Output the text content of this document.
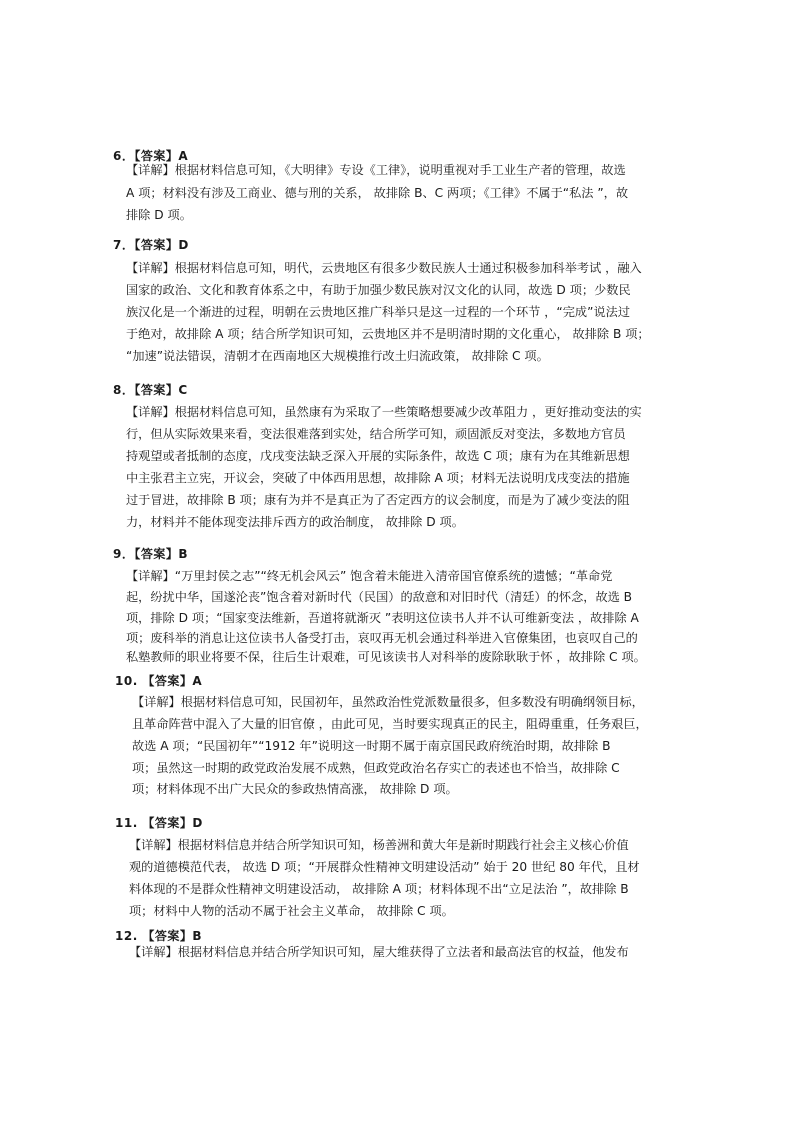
6．【答案】A
【详解】根据材料信息可知，《大明律》专设《工律》，说明重视对手工业生产者的管理，故选
A 项；材料没有涉及工商业、德与刑的关系， 故排除 B、C 两项；《工律》不属于“私法 ”，故
排除 D 项。
7．【答案】D
【详解】根据材料信息可知，明代，云贵地区有很多少数民族人士通过积极参加科举考试 ，融入
国家的政治、文化和教育体系之中，有助于加强少数民族对汉文化的认同，故选 D 项；少数民
族汉化是一个渐进的过程，明朝在云贵地区推广科举只是这一过程的一个环节 ，“完成”说法过
于绝对，故排除 A 项；结合所学知识可知，云贵地区并不是明清时期的文化重心， 故排除 B 项；
“加速”说法错误，清朝才在西南地区大规模推行改土归流政策， 故排除 C 项。
8．【答案】C
【详解】根据材料信息可知，虽然康有为采取了一些策略想要减少改革阻力 ，更好推动变法的实
行，但从实际效果来看，变法很难落到实处，结合所学可知，顽固派反对变法，多数地方官员
持观望或者抵制的态度，戊戌变法缺乏深入开展的实际条件，故选 C 项；康有为在其维新思想
中主张君主立宪，开议会，突破了中体西用思想，故排除 A 项；材料无法说明戊戌变法的措施
过于冒进，故排除 B 项；康有为并不是真正为了否定西方的议会制度，而是为了减少变法的阻
力，材料并不能体现变法排斥西方的政治制度， 故排除 D 项。
9．【答案】B
【详解】“万里封侯之志”“终无机会风云” 饱含着未能进入清帝国官僚系统的遗憾；“革命党
起，纷扰中华，国遂沦丧”饱含着对新时代（民国）的敌意和对旧时代（清廷）的怀念，故选 B
项，排除 D 项；“国家变法维新，吾道将就渐灭 ”表明这位读书人并不认可维新变法 ，故排除 A
项；废科举的消息让这位读书人备受打击，哀叹再无机会通过科举进入官僚集团，也哀叹自己的
私塾教师的职业将要不保，往后生计艰难，可见该读书人对科举的废除耿耿于怀 ，故排除 C 项。
10. 【答案】A
【详解】根据材料信息可知，民国初年，虽然政治性党派数量很多，但多数没有明确纲领目标，
且革命阵营中混入了大量的旧官僚 ，由此可见，当时要实现真正的民主，阻碍重重，任务艰巨，
故选 A 项；“民国初年”“1912 年”说明这一时期不属于南京国民政府统治时期，故排除 B
项；虽然这一时期的政党政治发展不成熟，但政党政治名存实亡的表述也不恰当，故排除 C
项；材料体现不出广大民众的参政热情高涨， 故排除 D 项。
11. 【答案】D
【详解】根据材料信息并结合所学知识可知，杨善洲和黄大年是新时期践行社会主义核心价值
观的道德模范代表， 故选 D 项；“开展群众性精神文明建设活动” 始于 20 世纪 80 年代，且材
料体现的不是群众性精神文明建设活动， 故排除 A 项；材料体现不出“立足法治 ”，故排除 B
项；材料中人物的活动不属于社会主义革命， 故排除 C 项。
12. 【答案】B
【详解】根据材料信息并结合所学知识可知，屋大维获得了立法者和最高法官的权益，他发布
